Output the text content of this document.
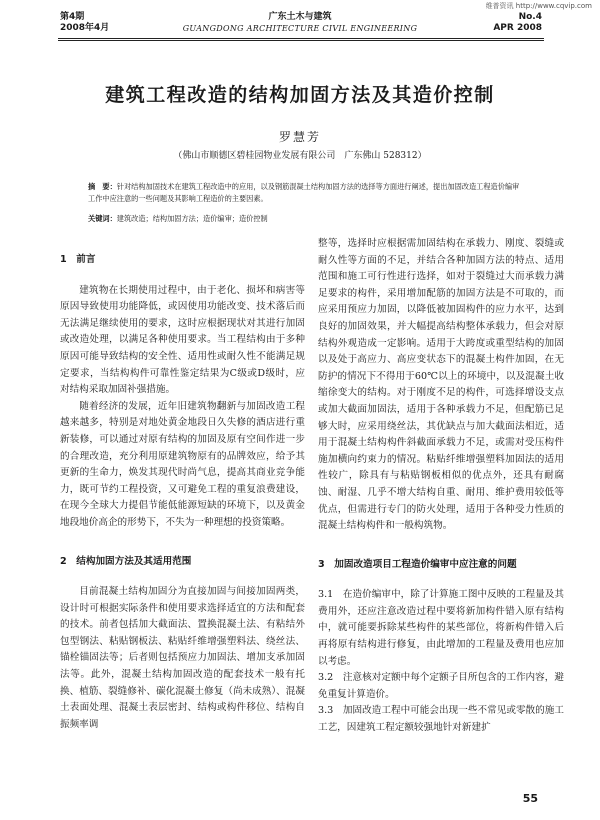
维普资讯 http://www.cqvip.com
第4期
2008年4月
广东土木与建筑
GUANGDONG ARCHITECTURE CIVIL ENGINEERING
No.4
APR 2008
建筑工程改造的结构加固方法及其造价控制
罗慧芳
（佛山市顺德区碧桂园物业发展有限公司　广东佛山 528312）
摘　要：针对结构加固技术在建筑工程改造中的应用，以及钢筋混凝土结构加固方法的选择等方面进行阐述，提出加固改造工程造价编审工作中应注意的一些问题及其影响工程造价的主要因素。
关键词：建筑改造；结构加固方法；造价编审；造价控制

1　前言

建筑物在长期使用过程中，由于老化、损坏和病害等原因导致使用功能降低，或因使用功能改变、技术落后而无法满足继续使用的要求，这时应根据现状对其进行加固或改造处理，以满足各种使用要求。当工程结构由于多种原因可能导致结构的安全性、适用性或耐久性不能满足规定要求，当结构构件可靠性鉴定结果为C级或D级时，应对结构采取加固补强措施。

随着经济的发展，近年旧建筑物翻新与加固改造工程越来越多，特别是对地处黄金地段日久失修的酒店进行重新装修，可以通过对原有结构的加固及原有空间作进一步的合理改造，充分利用原建筑物原有的品牌效应，给予其更新的生命力，焕发其现代时尚气息，提高其商业竞争能力，既可节约工程投资，又可避免工程的重复浪费建设，在现今全球大力提倡节能低能源短缺的环境下，以及黄金地段地价高企的形势下，不失为一种理想的投资策略。

2　结构加固方法及其适用范围

目前混凝土结构加固分为直接加固与间接加固两类，设计时可根据实际条件和使用要求选择适宜的方法和配套的技术。前者包括加大截面法、置换混凝土法、有粘结外包型钢法、粘贴钢板法、粘贴纤维增强塑料法、绕丝法、锚栓锚固法等；后者则包括预应力加固法、增加支承加固法等。此外，混凝土结构加固改造的配套技术一般有托换、植筋、裂缝修补、碳化混凝土修复（尚未成熟）、混凝土表面处理、混凝土表层密封、结构或构件移位、结构自振频率调

整等，选择时应根据需加固结构在承载力、刚度、裂缝或耐久性等方面的不足，并结合各种加固方法的特点、适用范围和施工可行性进行选择，如对于裂缝过大而承载力满足要求的构件，采用增加配筋的加固方法是不可取的，而应采用预应力加固，以降低被加固构件的应力水平，达到良好的加固效果，并大幅提高结构整体承载力，但会对原结构外观造成一定影响。适用于大跨度或重型结构的加固以及处于高应力、高应变状态下的混凝土构件加固，在无防护的情况下不得用于60℃以上的环境中，以及混凝土收缩徐变大的结构。对于刚度不足的构件，可选择增设支点或加大截面加固法，适用于各种承载力不足，但配筋已足够大时，应采用绕丝法，其优缺点与加大截面法相近，适用于混凝土结构构件斜截面承载力不足，或需对受压构件施加横向约束力的情况。粘贴纤维增强塑料加固法的适用性较广，除具有与粘贴钢板相似的优点外，还具有耐腐蚀、耐湿、几乎不增大结构自重、耐用、维护费用较低等优点，但需进行专门的防火处理，适用于各种受力性质的混凝土结构构件和一般构筑物。

3　加固改造项目工程造价编审中应注意的问题

3.1　在造价编审中，除了计算施工图中反映的工程量及其费用外，还应注意改造过程中要将新加构件错入原有结构中，就可能要拆除某些构件的某些部位，将新构件错入后再将原有结构进行修复，由此增加的工程量及费用也应加以考虑。

3.2　注意核对定额中每个定额子目所包含的工作内容，避免重复计算造价。

3.3　加固改造工程中可能会出现一些不常见或零散的施工工艺，因建筑工程定额较强地针对新建扩

55
